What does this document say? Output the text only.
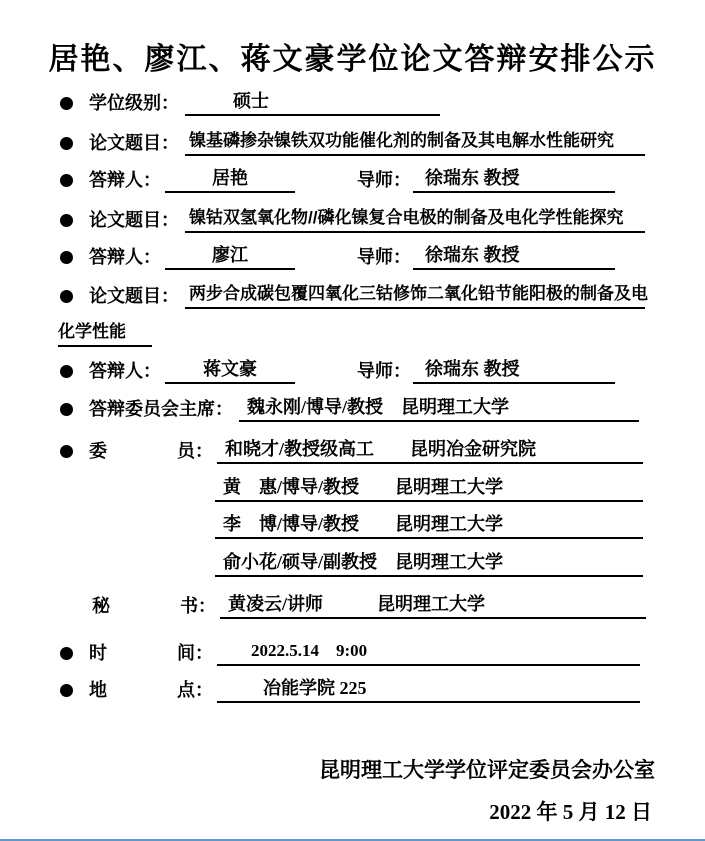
居艳、廖江、蒋文豪学位论文答辩安排公示
学位级别：	硕士
论文题目： 镍基磷掺杂镍铁双功能催化剂的制备及其电解水性能研究
答辩人：	居艳	导师： 徐瑞东 教授
论文题目： 镍钴双氢氧化物//磷化镍复合电极的制备及电化学性能探究
答辩人：	廖江	导师： 徐瑞东 教授
论文题目： 两步合成碳包覆四氧化三钴修饰二氧化铅节能阳极的制备及电
化学性能
答辩人：	蒋文豪	导师： 徐瑞东 教授
答辩委员会主席： 魏永刚/博导/教授　昆明理工大学
委	员： 和晓才/教授级高工　　昆明冶金研究院
黄　惠/博导/教授　　昆明理工大学
李　博/博导/教授　　昆明理工大学
俞小花/硕导/副教授　昆明理工大学
秘	书： 黄凌云/讲师　　　昆明理工大学
时	间：	2022.5.14　9:00
地	点：	冶能学院 225
昆明理工大学学位评定委员会办公室
2022 年 5 月 12 日
